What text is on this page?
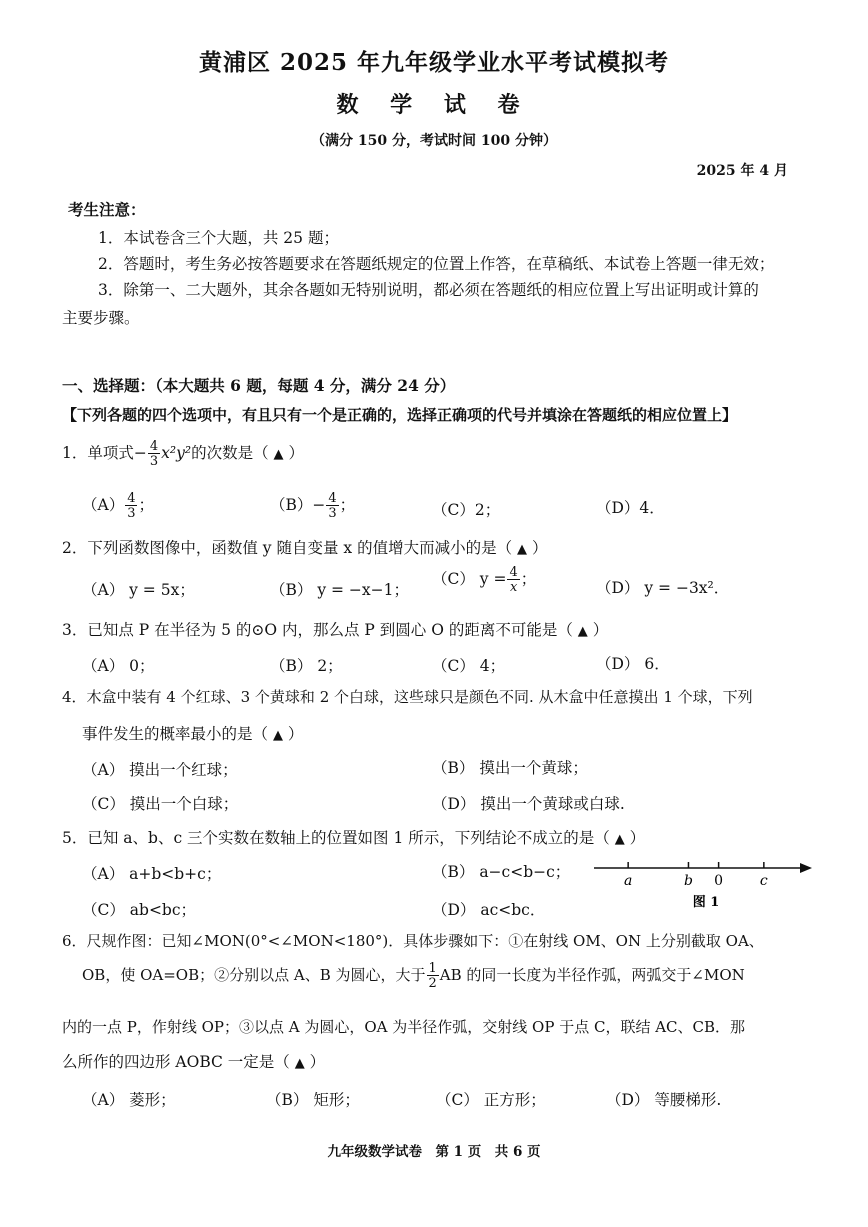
黄浦区 2025 年九年级学业水平考试模拟考
数 学 试 卷
（满分 150 分，考试时间 100 分钟）
2025 年 4 月
考生注意：
1．本试卷含三个大题，共 25 题；
2．答题时，考生务必按答题要求在答题纸规定的位置上作答，在草稿纸、本试卷上答题一律无效；
3．除第一、二大题外，其余各题如无特别说明，都必须在答题纸的相应位置上写出证明或计算的
主要步骤。
一、选择题：（本大题共 6 题，每题 4 分，满分 24 分）
【下列各题的四个选项中，有且只有一个是正确的，选择正确项的代号并填涂在答题纸的相应位置上】
1．单项式− $\frac{4}{3} x^2y^2$的次数是（ ▲ ）
$(A) \frac{4}{3}$ ；	$(B)- \frac{4}{3}$ ；	（C）2；	（D）4．
2．下列函数图像中，函数值 y 随自变量 x 的值增大而减小的是（ ▲ ）
（A） y = 5x；	（B） y = −x−1；
（C） $y = \frac{4}{x}$ ；	（D） y = −3x²．
3．已知点 P 在半径为 5 的⊙O 内，那么点 P 到圆心 O 的距离不可能是（ ▲ ）
（A） 0；	（B） 2；	（C） 4；	（D） 6．
4．木盒中装有 4 个红球、3 个黄球和 2 个白球，这些球只是颜色不同. 从木盒中任意摸出 1 个球，下列
事件发生的概率最小的是（ ▲ ）
（A） 摸出一个红球；	（B） 摸出一个黄球；
（C） 摸出一个白球；	（D） 摸出一个黄球或白球.
5．已知 a、b、c 三个实数在数轴上的位置如图 1 所示，下列结论不成立的是（ ▲ ）
（A） a+b<b+c；	（B） a−c<b−c；
（C） ab<bc；	（D） ac<bc．
a	b 0	c
图 1
6．尺规作图：已知∠MON(0°<∠MON<180°)．具体步骤如下：①在射线 OM、ON 上分别截取 OA、
OB，使 OA=OB；②分别以点 A、B 为圆心，大于 $\frac{1}{2}$ AB 的同一长度为半径作弧，两弧交于∠MON
内的一点 P，作射线 OP；③以点 A 为圆心，OA 为半径作弧，交射线 OP 于点 C，联结 AC、CB．那
么所作的四边形 AOBC 一定是（ ▲ ）
（A） 菱形；	（B） 矩形；	（C） 正方形；	（D） 等腰梯形.
九年级数学试卷　第 1 页　共 6 页
